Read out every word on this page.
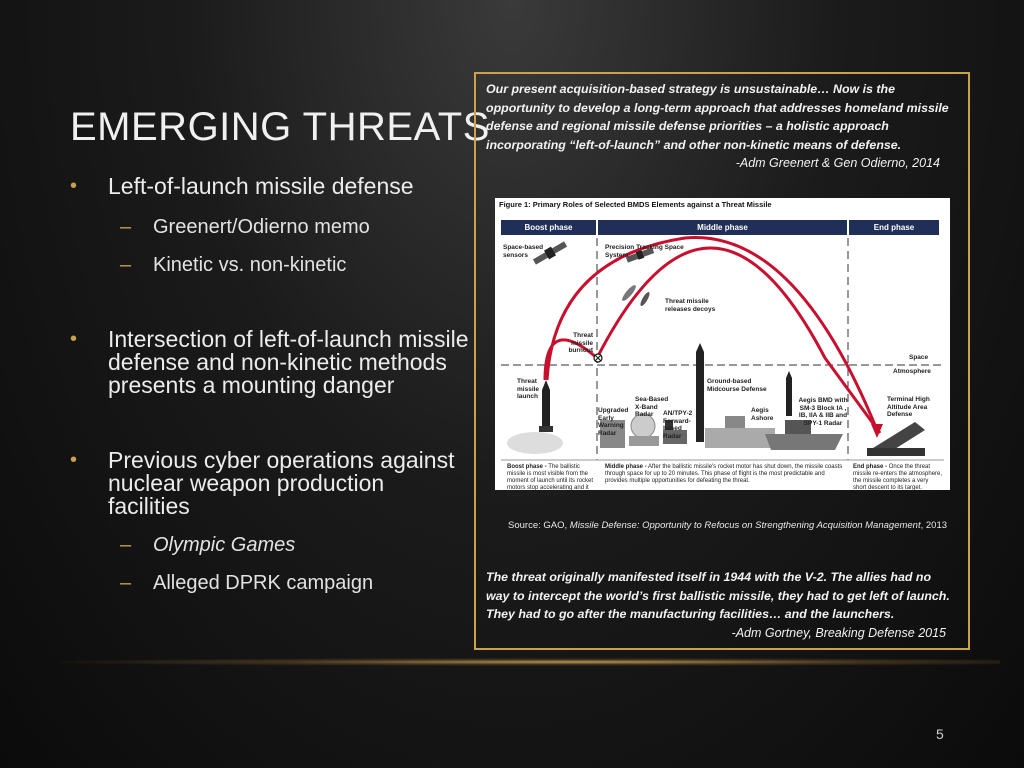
EMERGING THREATS
• Left-of-launch missile defense
– Greenert/Odierno memo
– Kinetic vs. non-kinetic
• Intersection of left-of-launch missile defense and non-kinetic methods presents a mounting danger
• Previous cyber operations against nuclear weapon production facilities
– Olympic Games
– Alleged DPRK campaign
Our present acquisition-based strategy is unsustainable… Now is the opportunity to develop a long-term approach that addresses homeland missile defense and regional missile defense priorities – a holistic approach incorporating “left-of-launch” and other non-kinetic means of defense.
-Adm Greenert & Gen Odierno, 2014
Figure 1: Primary Roles of Selected BMDS Elements against a Threat Missile
Boost phase	Middle phase	End phase
Space-based sensors
Precision Tracking Space System
Threat missile releases decoys
Threat missile burnout
Space
Atmosphere
Threat missile launch
Ground-based Midcourse Defense
Sea-Based X-Band Radar
Upgraded Early Warning Radar
AN/TPY-2 Forward-based Radar
Aegis Ashore
Aegis BMD with SM-3 Block IA , IB, IIA & IIB and SPY-1 Radar
Terminal High Altitude Area Defense
Boost phase - The ballistic missile is most visible from the moment of launch until its rocket motors stop accelerating and it coasts into earth orbit.
Middle phase - After the ballistic missile's rocket motor has shut down, the missile coasts through space for up to 20 minutes. This phase of flight is the most predictable and provides multiple opportunities for defeating the threat.
End phase - Once the threat missile re-enters the atmosphere, the missile completes a very short descent to its target.
Source: GAO, Missile Defense: Opportunity to Refocus on Strengthening Acquisition Management, 2013
The threat originally manifested itself in 1944 with the V-2. The allies had no way to intercept the world’s first ballistic missile, they had to get left of launch. They had to go after the manufacturing facilities… and the launchers.
-Adm Gortney, Breaking Defense 2015
5
